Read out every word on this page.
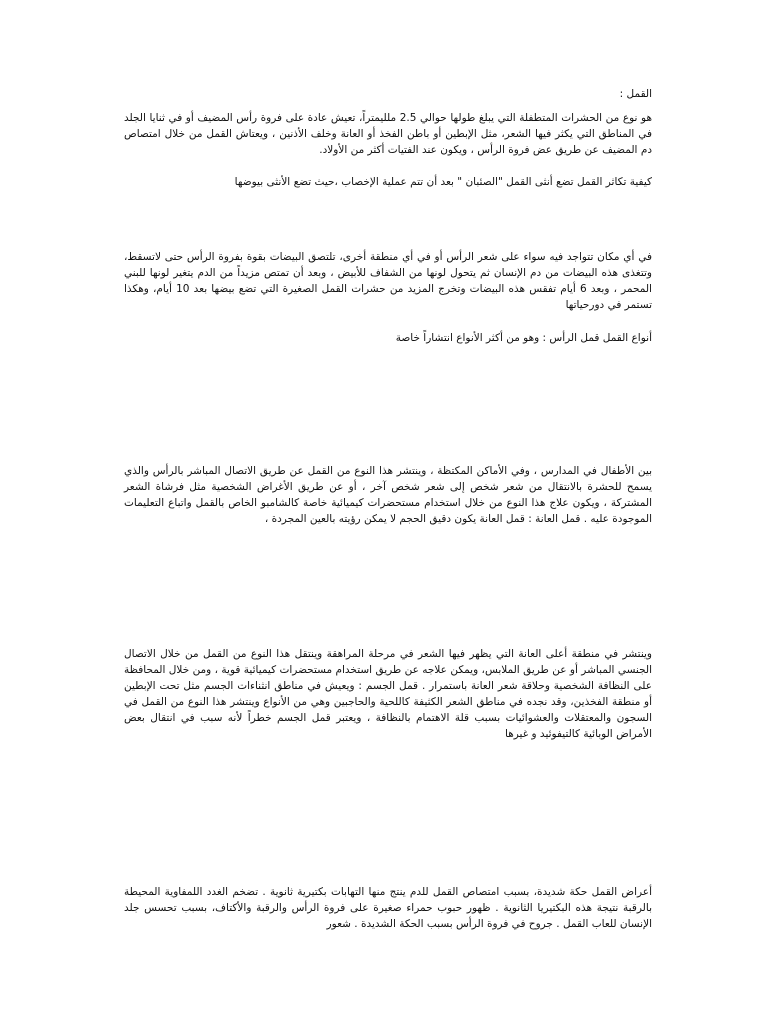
القمل :

هو نوع من الحشرات المتطفلة التي يبلغ طولها حوالي 2.5 ملليمتراً، تعيش عادة على فروة رأس المضيف أو في ثنايا الجلد في المناطق التي يكثر فيها الشعر، مثل الإبطين أو باطن الفخذ أو العانة وخلف الأذنين ، ويعتاش القمل من خلال امتصاص دم المضيف عن طريق عض فروة الرأس ، ويكون عند الفتيات أكثر من الأولاد.

كيفية تكاثر القمل تضع أنثى القمل "الصئبان " بعد أن تتم عملية الإخصاب ،حيث تضع الأنثى بيوضها

في أي مكان تتواجد فيه سواء على شعر الرأس أو في أي منطقة أخرى، تلتصق البيضات بقوة بفروة الرأس حتى لاتسقط، وتتغذى هذه البيضات من دم الإنسان ثم يتحول لونها من الشفاف للأبيض ، وبعد أن تمتص مزيداً من الدم يتغير لونها للبني المحمر ، وبعد 6 أيام تفقس هذه البيضات وتخرج المزيد من حشرات القمل الصغيرة التي تضع بيضها بعد 10 أيام، وهكذا تستمر في دورحياتها

أنواع القمل قمل الرأس : وهو من أكثر الأنواع انتشاراً خاصة

بين الأطفال في المدارس ، وفي الأماكن المكتظة ، وينتشر هذا النوع من القمل عن طريق الاتصال المباشر بالرأس والذي يسمح للحشرة بالانتقال من شعر شخص إلى شعر شخص آخر ، أو عن طريق الأغراض الشخصية مثل فرشاة الشعر المشتركة ، ويكون علاج هذا النوع من خلال استخدام مستحضرات كيميائية خاصة كالشامبو الخاص بالقمل واتباع التعليمات الموجودة عليه . قمل العانة : قمل العانة يكون دقيق الحجم لا يمكن رؤيته بالعين المجردة ،

وينتشر في منطقة أعلى العانة التي يظهر فيها الشعر في مرحلة المراهقة وينتقل هذا النوع من القمل من خلال الاتصال الجنسي المباشر أو عن طريق الملابس، ويمكن علاجه عن طريق استخدام مستحضرات كيميائية قوية ، ومن خلال المحافظة على النظافة الشخصية وحلاقة شعر العانة باستمرار . قمل الجسم : ويعيش في مناطق انثناءات الجسم مثل تحت الإبطين أو منطقة الفخذين، وقد نجده في مناطق الشعر الكثيفة كاللحية والحاجبين وهي من الأنواع وينتشر هذا النوع من القمل في السجون والمعتقلات والعشوائيات بسبب قلة الاهتمام بالنظافة ، ويعتبر قمل الجسم خطراً لأنه سبب في انتقال بعض الأمراض الوبائية كالتيفوئيد و غيرها

أعراض القمل حكة شديدة، بسبب امتصاص القمل للدم ينتج منها التهابات بكتيرية ثانوية . تضخم الغدد اللمفاوية المحيطة بالرقبة نتيجة هذه البكتيريا الثانوية . ظهور حبوب حمراء صغيرة على فروة الرأس والرقبة والأكتاف، بسبب تحسس جلد الإنسان للعاب القمل . جروح في فروة الرأس بسبب الحكة الشديدة . شعور
